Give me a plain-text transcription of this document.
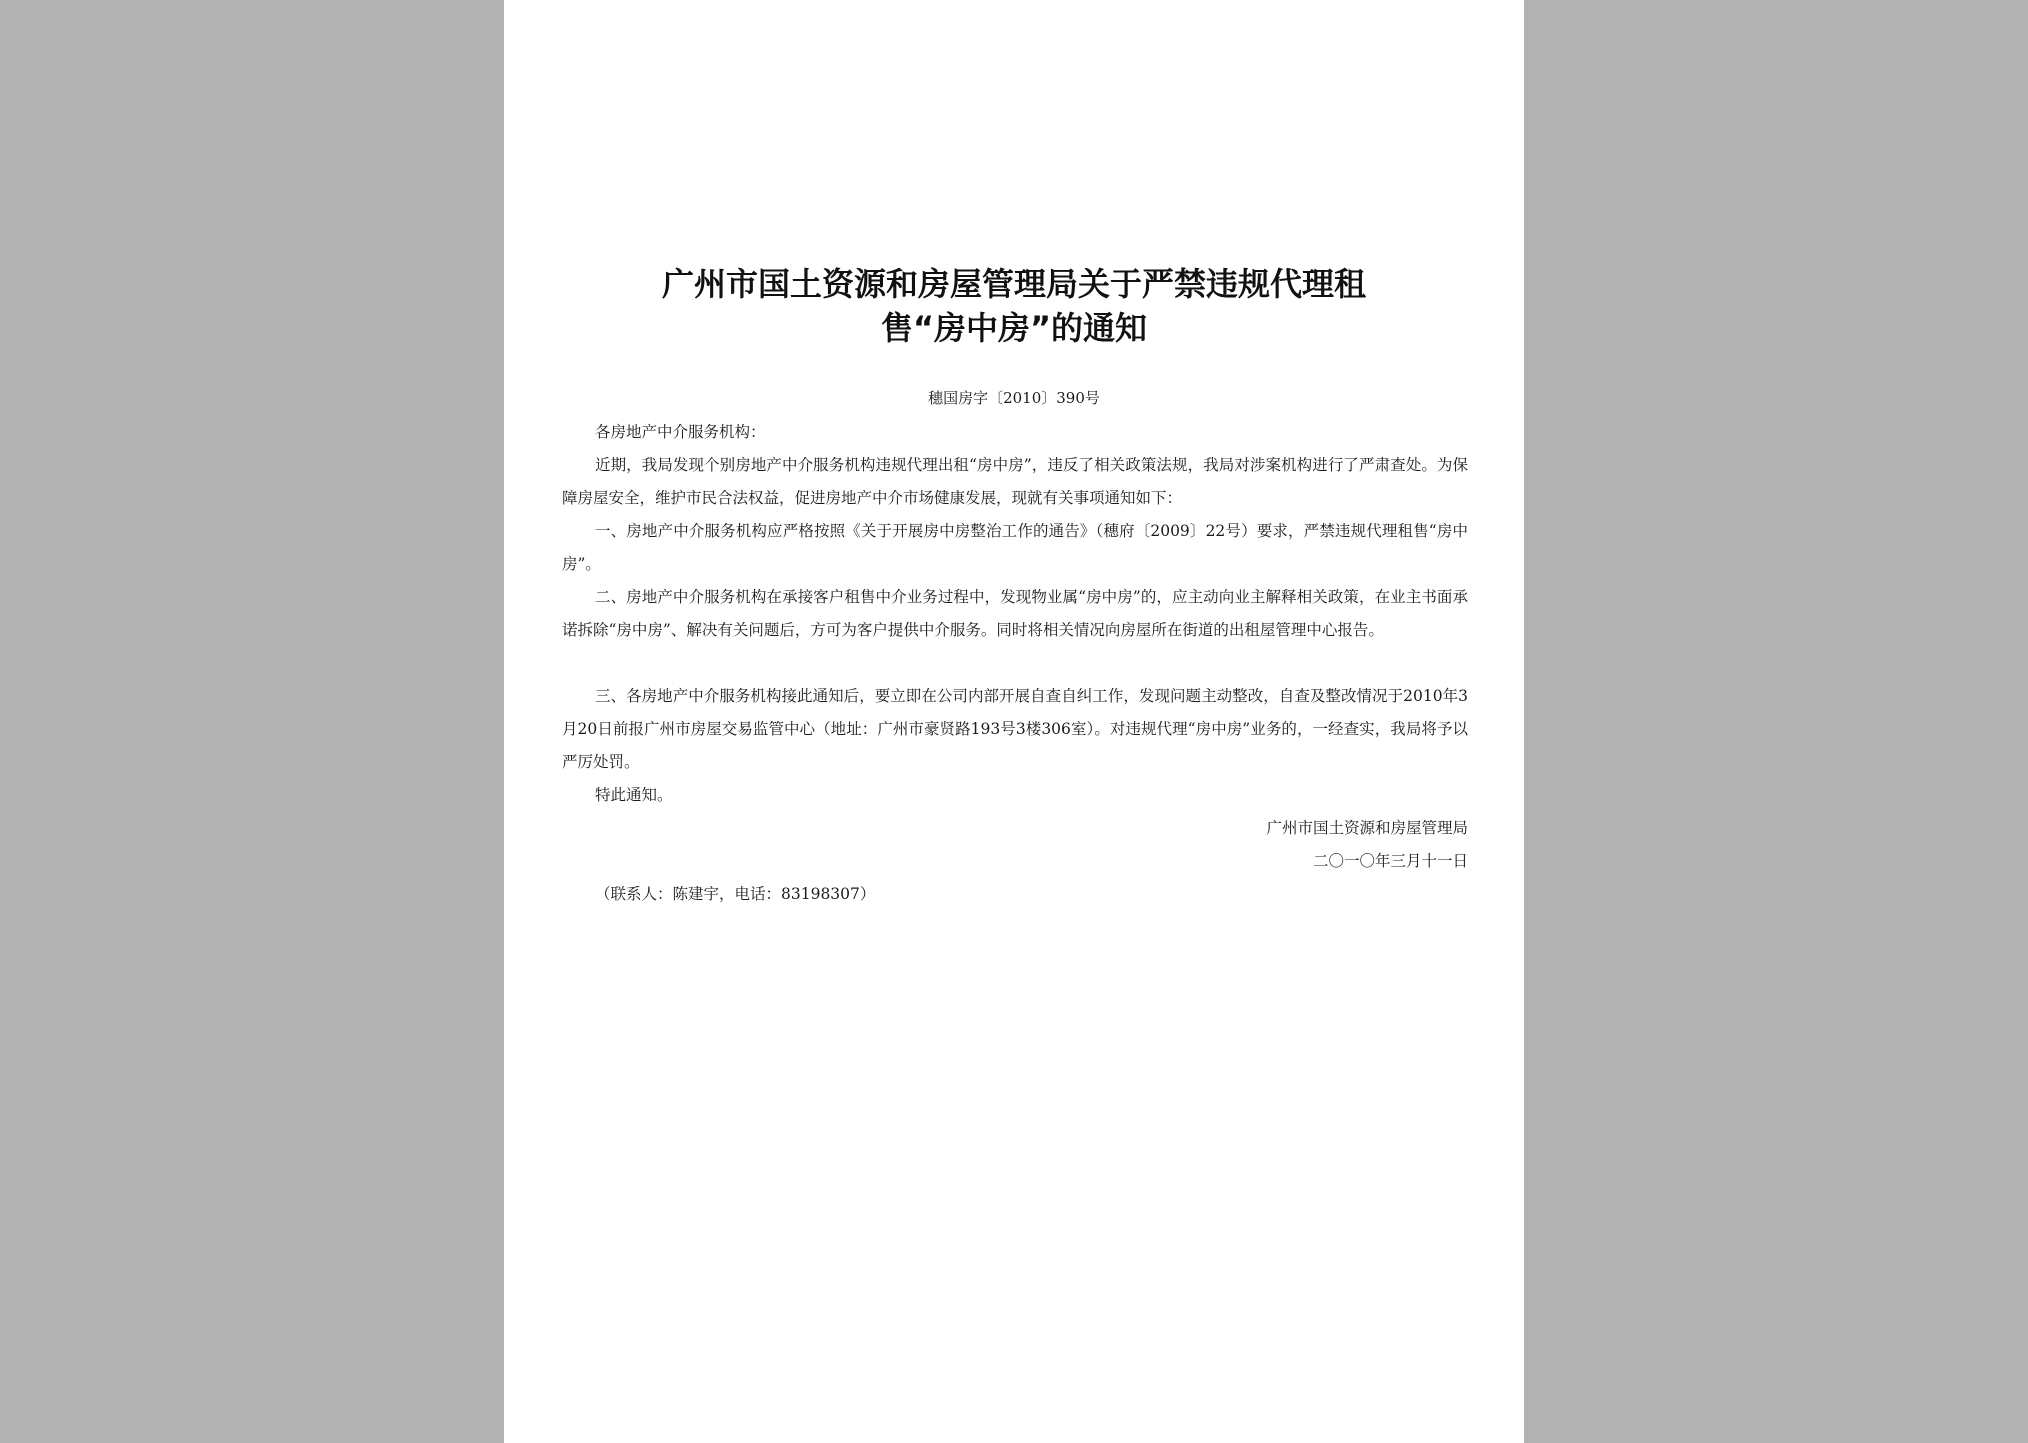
广州市国土资源和房屋管理局关于严禁违规代理租
售“房中房”的通知
穗国房字〔2010〕390号

各房地产中介服务机构：

近期，我局发现个别房地产中介服务机构违规代理出租“房中房”，违反了相关政策法规，我局对涉案机构进行了严肃查处。为保障房屋安全，维护市民合法权益，促进房地产中介市场健康发展，现就有关事项通知如下：

一、房地产中介服务机构应严格按照《关于开展房中房整治工作的通告》（穗府〔2009〕22号）要求，严禁违规代理租售“房中房”。

二、房地产中介服务机构在承接客户租售中介业务过程中，发现物业属“房中房”的，应主动向业主解释相关政策，在业主书面承诺拆除“房中房”、解决有关问题后，方可为客户提供中介服务。同时将相关情况向房屋所在街道的出租屋管理中心报告。

三、各房地产中介服务机构接此通知后，要立即在公司内部开展自查自纠工作，发现问题主动整改，自查及整改情况于2010年3月20日前报广州市房屋交易监管中心（地址：广州市豪贤路193号3楼306室）。对违规代理“房中房”业务的，一经查实，我局将予以严厉处罚。

特此通知。

广州市国土资源和房屋管理局

二〇一〇年三月十一日

（联系人：陈建宇，电话：83198307）
